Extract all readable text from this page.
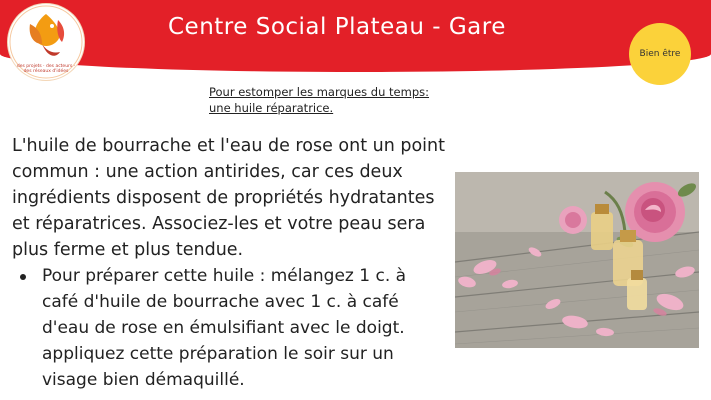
Centre Social Plateau - Gare
des projets · des acteurs · des réseaux d'idées
Bien être
Pour estomper les marques du temps:
une huile réparatrice.
L'huile de bourrache et l'eau de rose ont un point
commun : une action antirides, car ces deux
ingrédients disposent de propriétés hydratantes
et réparatrices. Associez-les et votre peau sera
plus ferme et plus tendue.
Pour préparer cette huile : mélangez 1 c. à
café d'huile de bourrache avec 1 c. à café
d'eau de rose en émulsifiant avec le doigt.
appliquez cette préparation le soir sur un
visage bien démaquillé.
